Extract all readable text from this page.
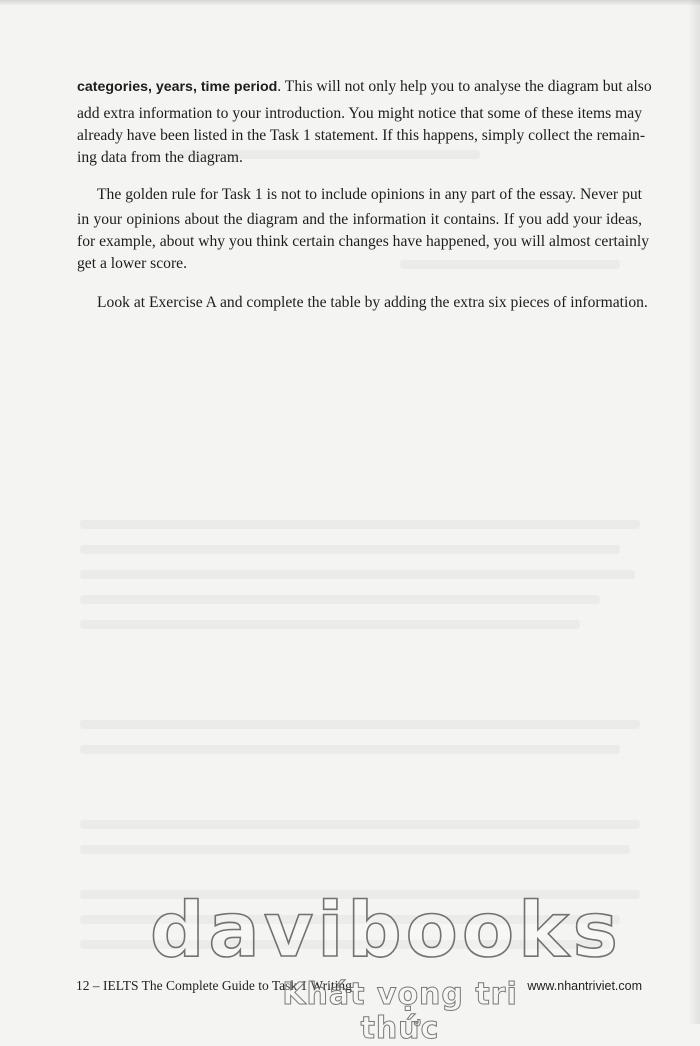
categories, years, time period. This will not only help you to analyse the diagram but also
add extra information to your introduction. You might notice that some of these items may
already have been listed in the Task 1 statement. If this happens, simply collect the remain-
ing data from the diagram.
The golden rule for Task 1 is not to include opinions in any part of the essay. Never put
in your opinions about the diagram and the information it contains. If you add your ideas,
for example, about why you think certain changes have happened, you will almost certainly
get a lower score.
Look at Exercise A and complete the table by adding the extra six pieces of information.
12 – IELTS The Complete Guide to Task 1 Writing	www.nhantriviet.com
davibooks
Khát vọng tri thức
